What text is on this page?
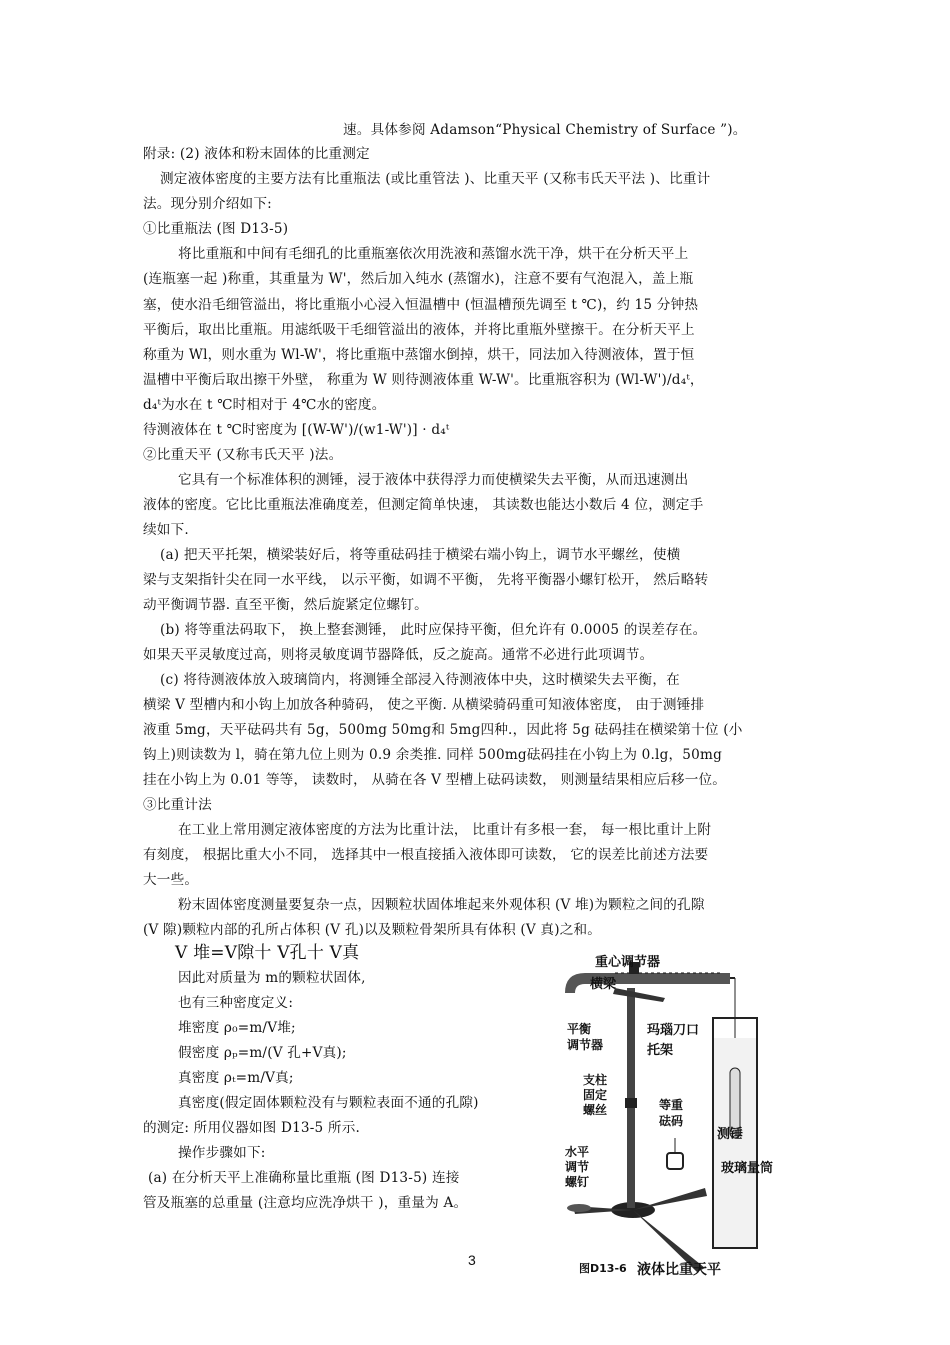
速。具体参阅 Adamson“Physical Chemistry of Surface ”)。
附录: (2) 液体和粉末固体的比重测定
测定液体密度的主要方法有比重瓶法 (或比重管法 )、比重天平 (又称韦氏天平法 )、比重计
法。现分别介绍如下:
①比重瓶法 (图 D13-5)
将比重瓶和中间有毛细孔的比重瓶塞依次用洗液和蒸馏水洗干净，烘干在分析天平上
(连瓶塞一起 )称重，其重量为 W'，然后加入纯水 (蒸馏水)，注意不要有气泡混入，盖上瓶
塞，使水沿毛细管溢出，将比重瓶小心浸入恒温槽中 (恒温槽预先调至 t ℃)，约 15 分钟热
平衡后，取出比重瓶。用滤纸吸干毛细管溢出的液体，并将比重瓶外壁擦干。在分析天平上
称重为 Wl，则水重为 Wl-W'，将比重瓶中蒸馏水倒掉，烘干，同法加入待测液体，置于恒
温槽中平衡后取出擦干外壁， 称重为 W 则待测液体重 W-W'。比重瓶容积为 (Wl-W')/d₄ᵗ，
d₄ᵗ为水在 t ℃时相对于 4℃水的密度。
待测液体在 t ℃时密度为 [(W-W')/(w1-W')] · d₄ᵗ
②比重天平 (又称韦氏天平 )法。
它具有一个标准体积的测锤，浸于液体中获得浮力而使横梁失去平衡，从而迅速测出
液体的密度。它比比重瓶法准确度差，但测定简单快速， 其读数也能达小数后 4 位，测定手
续如下.
(a) 把天平托架，横梁装好后，将等重砝码挂于横梁右端小钩上，调节水平螺丝，使横
梁与支架指针尖在同一水平线， 以示平衡，如调不平衡， 先将平衡器小螺钉松开， 然后略转
动平衡调节器. 直至平衡，然后旋紧定位螺钉。
(b) 将等重法码取下， 换上整套测锤， 此时应保持平衡，但允许有 0.0005 的误差存在。
如果天平灵敏度过高，则将灵敏度调节器降低，反之旋高。通常不必进行此项调节。
(c) 将待测液体放入玻璃筒内，将测锤全部浸入待测液体中央，这时横梁失去平衡，在
横梁 V 型槽内和小钩上加放各种骑码， 使之平衡. 从横梁骑码重可知液体密度， 由于测锤排
液重 5mg，天平砝码共有 5g，500mg 50mg和 5mg四种.，因此将 5g 砝码挂在横梁第十位 (小
钩上)则读数为 l，骑在第九位上则为 0.9 余类推. 同样 500mg砝码挂在小钩上为 0.lg，50mg
挂在小钩上为 0.01 等等， 读数时， 从骑在各 V 型槽上砝码读数， 则测量结果相应后移一位。
③比重计法
在工业上常用测定液体密度的方法为比重计法， 比重计有多根一套， 每一根比重计上附
有刻度， 根据比重大小不同， 选择其中一根直接插入液体即可读数， 它的误差比前述方法要
大一些。
粉末固体密度测量要复杂一点，因颗粒状固体堆起来外观体积 (V 堆)为颗粒之间的孔隙
(V 隙)颗粒内部的孔所占体积 (V 孔)以及颗粒骨架所具有体积 (V 真)之和。
V 堆=V隙十 V孔十 V真
因此对质量为 m的颗粒状固体,
也有三种密度定义:
堆密度 ρ₀=m/V堆;
假密度 ρₚ=m/(V 孔+V真);
真密度 ρₜ=m/V真;
真密度(假定固体颗粒没有与颗粒表面不通的孔隙)
的测定: 所用仪器如图 D13-5 所示.
操作步骤如下:
(a) 在分析天平上准确称量比重瓶 (图 D13-5) 连接
管及瓶塞的总重量 (注意均应洗净烘干 )，重量为 A。
重心调节器
横梁
平衡
调节器
玛瑙刀口
托架
支柱
固定
螺丝	等重
砝码
测锤
玻璃量筒
水平
调节
螺钉
图D13-6 液体比重天平
3
